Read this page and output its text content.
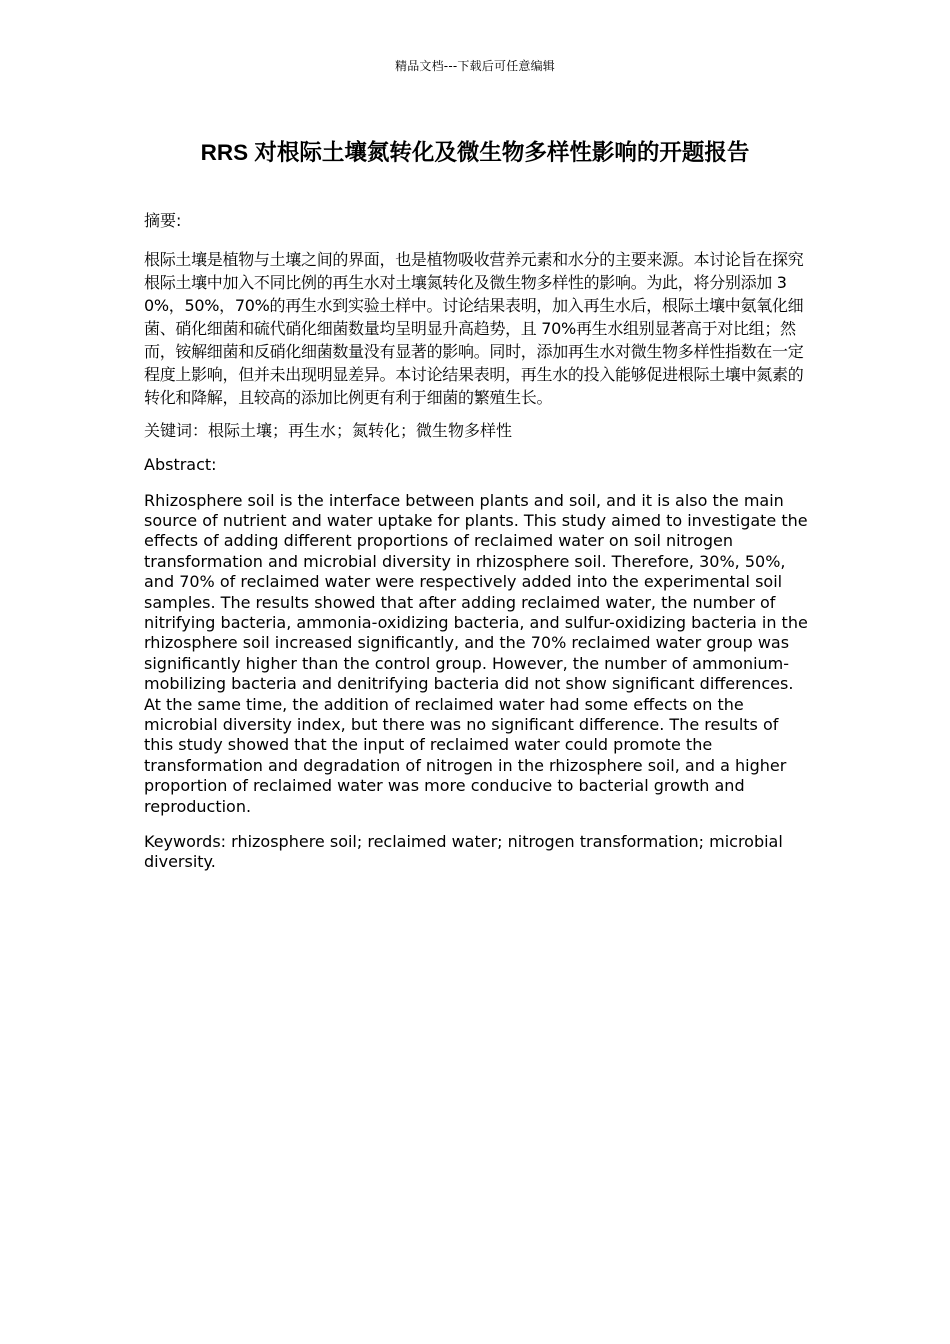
精品文档---下载后可任意编辑
RRS 对根际土壤氮转化及微生物多样性影响的开题报告
摘要:
根际土壤是植物与土壤之间的界面，也是植物吸收营养元素和水分的主要来源。本讨论旨在探究根际土壤中加入不同比例的再生水对土壤氮转化及微生物多样性的影响。为此，将分别添加 30%，50%，70%的再生水到实验土样中。讨论结果表明，加入再生水后，根际土壤中氨氧化细菌、硝化细菌和硫代硝化细菌数量均呈明显升高趋势，且 70%再生水组别显著高于对比组；然而，铵解细菌和反硝化细菌数量没有显著的影响。同时，添加再生水对微生物多样性指数在一定程度上影响，但并未出现明显差异。本讨论结果表明，再生水的投入能够促进根际土壤中氮素的转化和降解，且较高的添加比例更有利于细菌的繁殖生长。
关键词：根际土壤；再生水；氮转化；微生物多样性
Abstract:
Rhizosphere soil is the interface between plants and soil, and it is also the main source of nutrient and water uptake for plants. This study aimed to investigate the effects of adding different proportions of reclaimed water on soil nitrogen transformation and microbial diversity in rhizosphere soil. Therefore, 30%, 50%, and 70% of reclaimed water were respectively added into the experimental soil samples. The results showed that after adding reclaimed water, the number of nitrifying bacteria, ammonia-oxidizing bacteria, and sulfur-oxidizing bacteria in the rhizosphere soil increased significantly, and the 70% reclaimed water group was significantly higher than the control group. However, the number of ammonium-mobilizing bacteria and denitrifying bacteria did not show significant differences. At the same time, the addition of reclaimed water had some effects on the microbial diversity index, but there was no significant difference. The results of this study showed that the input of reclaimed water could promote the transformation and degradation of nitrogen in the rhizosphere soil, and a higher proportion of reclaimed water was more conducive to bacterial growth and reproduction.
Keywords: rhizosphere soil; reclaimed water; nitrogen transformation; microbial diversity.
